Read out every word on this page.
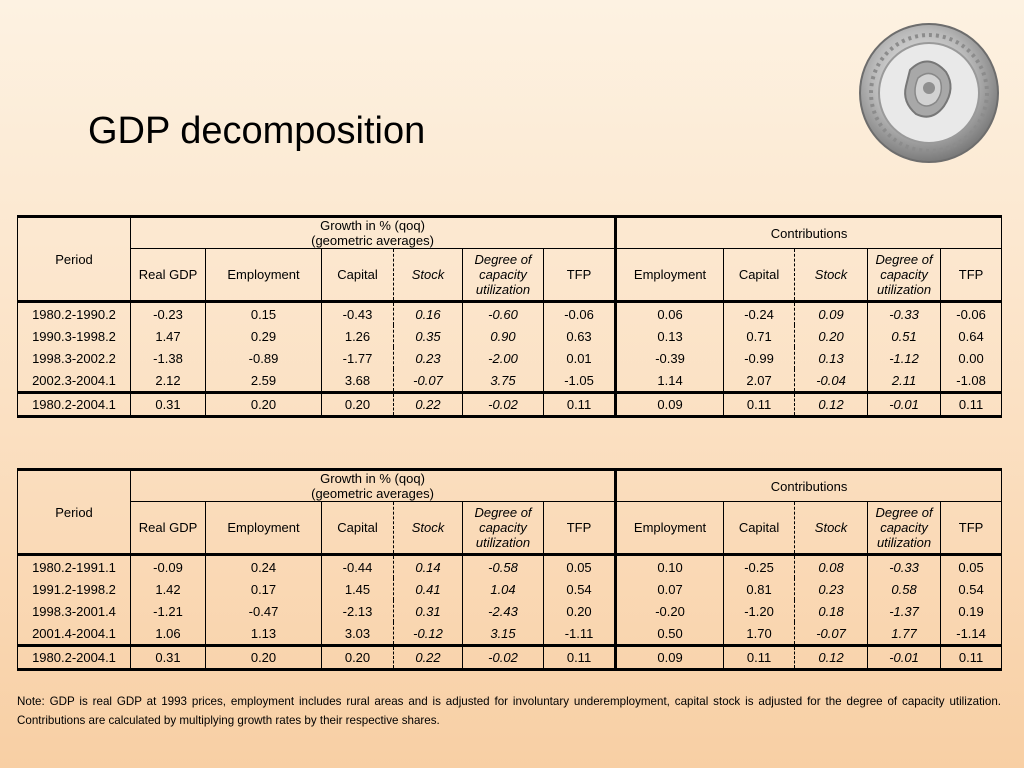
GDP decomposition
Period	Growth in % (qoq)
(geometric averages)						Contributions				
	Real GDP	Employment	Capital	Stock	Degree of
capacity
utilization	TFP	Employment	Capital	Stock	Degree of
capacity
utilization	TFP
1980.2-1990.2	-0.23	0.15	-0.43	0.16	-0.60	-0.06	0.06	-0.24	0.09	-0.33	-0.06
1990.3-1998.2	1.47	0.29	1.26	0.35	0.90	0.63	0.13	0.71	0.20	0.51	0.64
1998.3-2002.2	-1.38	-0.89	-1.77	0.23	-2.00	0.01	-0.39	-0.99	0.13	-1.12	0.00
2002.3-2004.1	2.12	2.59	3.68	-0.07	3.75	-1.05	1.14	2.07	-0.04	2.11	-1.08
1980.2-2004.1	0.31	0.20	0.20	0.22	-0.02	0.11	0.09	0.11	0.12	-0.01	0.11
Period	Growth in % (qoq)
(geometric averages)						Contributions				
	Real GDP	Employment	Capital	Stock	Degree of
capacity
utilization	TFP	Employment	Capital	Stock	Degree of
capacity
utilization	TFP
1980.2-1991.1	-0.09	0.24	-0.44	0.14	-0.58	0.05	0.10	-0.25	0.08	-0.33	0.05
1991.2-1998.2	1.42	0.17	1.45	0.41	1.04	0.54	0.07	0.81	0.23	0.58	0.54
1998.3-2001.4	-1.21	-0.47	-2.13	0.31	-2.43	0.20	-0.20	-1.20	0.18	-1.37	0.19
2001.4-2004.1	1.06	1.13	3.03	-0.12	3.15	-1.11	0.50	1.70	-0.07	1.77	-1.14
1980.2-2004.1	0.31	0.20	0.20	0.22	-0.02	0.11	0.09	0.11	0.12	-0.01	0.11
Note: GDP is real GDP at 1993 prices, employment includes rural areas and is adjusted for involuntary underemployment, capital stock is adjusted for the degree of capacity utilization. Contributions are calculated by multiplying growth rates by their respective shares.
